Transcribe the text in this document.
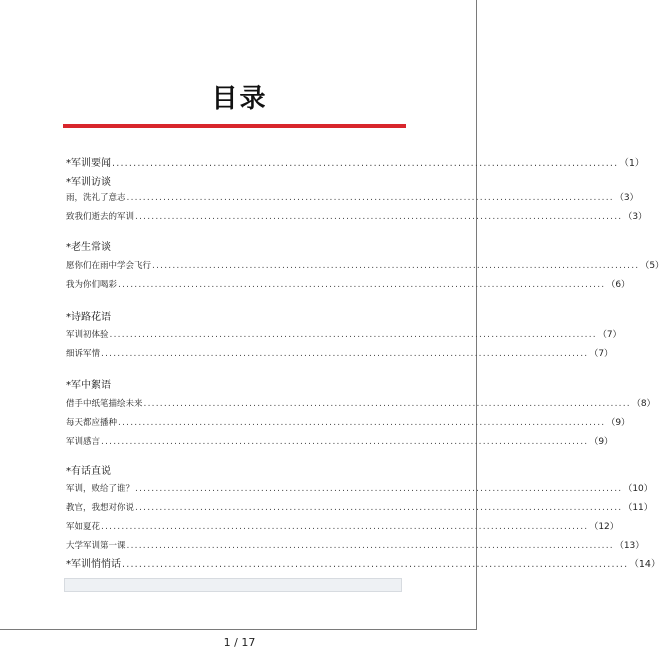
目录
*军训要闻 ........................................................................................................................ （1）
*军训访谈
雨，洗礼了意志 ........................................................................................................................ （3）
致我们逝去的军训 ........................................................................................................................ （3）
*老生常谈
愿你们在雨中学会飞行 ........................................................................................................................ （5）
我为你们喝彩 ........................................................................................................................ （6）
*诗路花语
军训初体验 ........................................................................................................................ （7）
细诉军情 ........................................................................................................................ （7）
*军中絮语
借手中纸笔描绘未来 ........................................................................................................................ （8）
每天都应播种 ........................................................................................................................ （9）
军训感言 ........................................................................................................................ （9）
*有话直说
军训，败给了谁？ ........................................................................................................................ （10）
教官，我想对你说 ........................................................................................................................ （11）
军如夏花 ........................................................................................................................ （12）
大学军训第一课 ........................................................................................................................ （13）
*军训悄悄话 ........................................................................................................................ （14）
1 / 17
